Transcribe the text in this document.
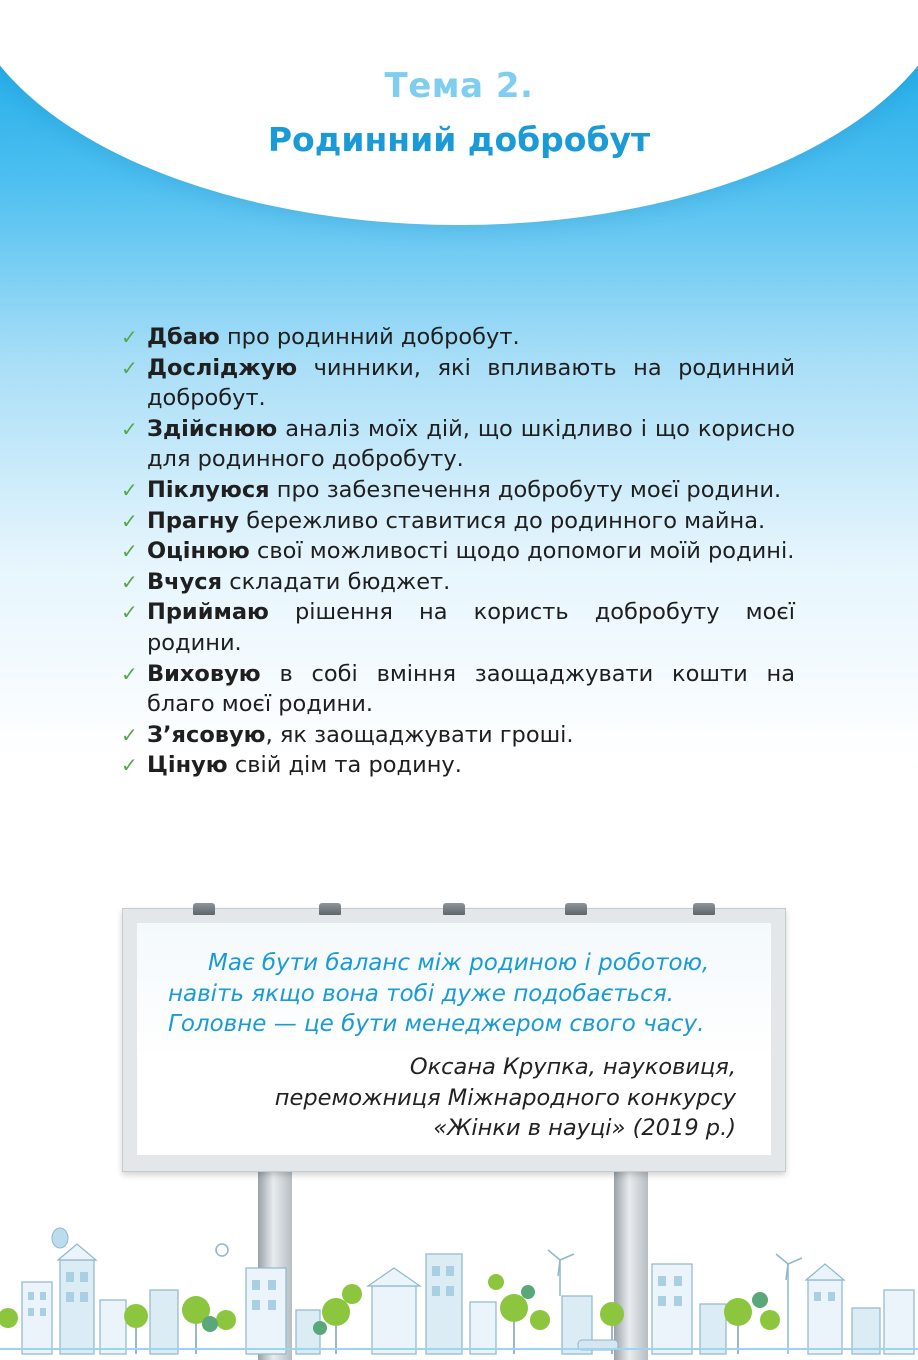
Тема 2.
Родинний добробут
✓ Дбаю про родинний добробут.
✓ Досліджую чинники, які впливають на родинний добробут.
✓ Здійснюю аналіз моїх дій, що шкідливо і що корисно для родинного добробуту.
✓ Піклуюся про забезпечення добробуту моєї родини.
✓ Прагну бережливо ставитися до родинного майна.
✓ Оцінюю свої можливості щодо допомоги моїй родині.
✓ Вчуся складати бюджет.
✓ Приймаю рішення на користь добробуту моєї родини.
✓ Виховую в собі вміння заощаджувати кошти на благо моєї родини.
✓ З’ясовую, як заощаджувати гроші.
✓ Ціную свій дім та родину.
Має бути баланс між родиною і роботою,
навіть якщо вона тобі дуже подобається.
Головне — це бути менеджером свого часу.
Оксана Крупка, науковиця,
переможниця Міжнародного конкурсу
«Жінки в науці» (2019 р.)
